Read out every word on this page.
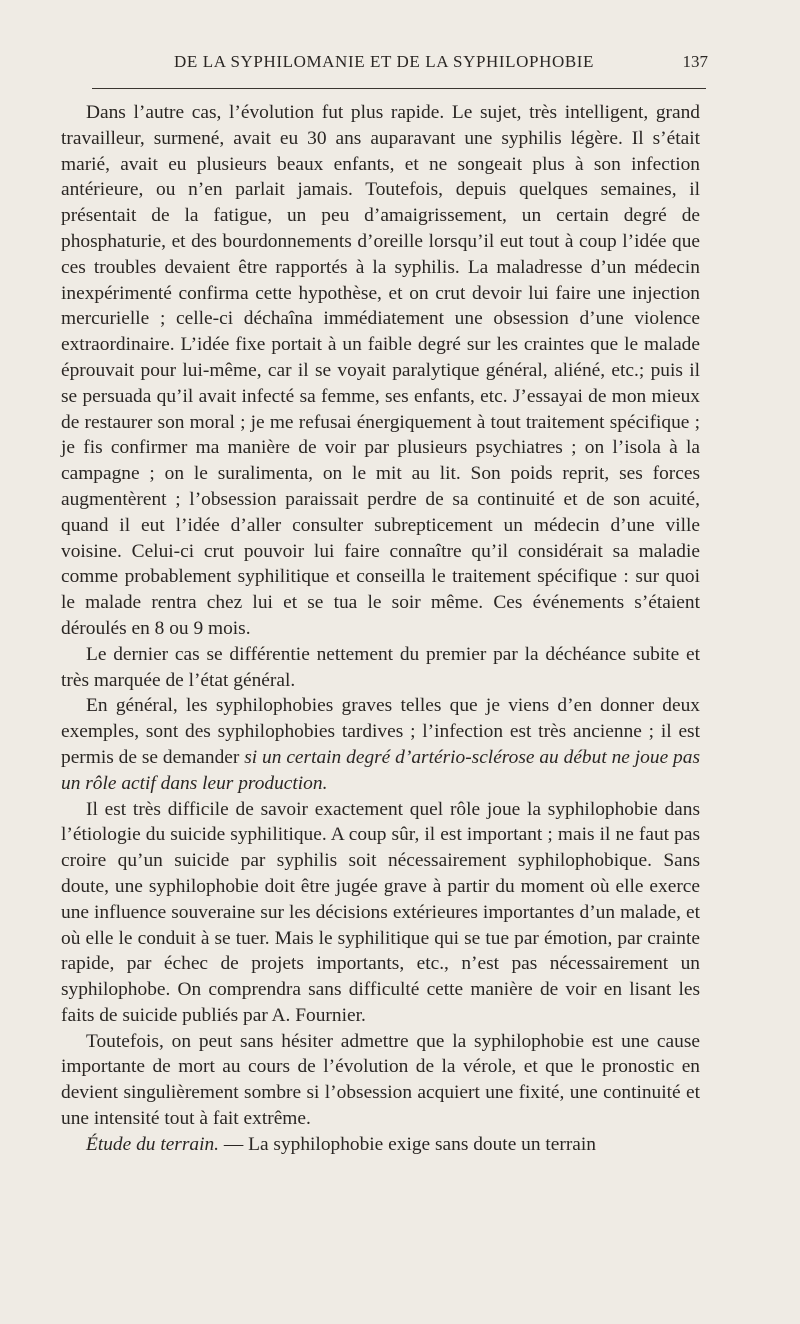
DE LA SYPHILOMANIE ET DE LA SYPHILOPHOBIE	137

Dans l’autre cas, l’évolution fut plus rapide. Le sujet, très intelligent, grand travailleur, surmené, avait eu 30 ans auparavant une syphilis légère. Il s’était marié, avait eu plusieurs beaux enfants, et ne songeait plus à son infection antérieure, ou n’en parlait jamais. Toutefois, depuis quelques semaines, il présentait de la fatigue, un peu d’amaigrissement, un certain degré de phosphaturie, et des bourdonnements d’oreille lorsqu’il eut tout à coup l’idée que ces troubles devaient être rapportés à la syphilis. La maladresse d’un médecin inexpérimenté confirma cette hypothèse, et on crut devoir lui faire une injection mercurielle ; celle-ci déchaîna immédiatement une obsession d’une violence extraordinaire. L’idée fixe portait à un faible degré sur les craintes que le malade éprouvait pour lui-même, car il se voyait paralytique général, aliéné, etc.; puis il se persuada qu’il avait infecté sa femme, ses enfants, etc. J’essayai de mon mieux de restaurer son moral ; je me refusai énergiquement à tout traitement spécifique ; je fis confirmer ma manière de voir par plusieurs psychiatres ; on l’isola à la campagne ; on le suralimenta, on le mit au lit. Son poids reprit, ses forces augmentèrent ; l’obsession paraissait perdre de sa continuité et de son acuité, quand il eut l’idée d’aller consulter subrepticement un médecin d’une ville voisine. Celui-ci crut pouvoir lui faire connaître qu’il considérait sa maladie comme probablement syphilitique et conseilla le traitement spécifique : sur quoi le malade rentra chez lui et se tua le soir même. Ces événements s’étaient déroulés en 8 ou 9 mois.

Le dernier cas se différentie nettement du premier par la déchéance subite et très marquée de l’état général.

En général, les syphilophobies graves telles que je viens d’en donner deux exemples, sont des syphilophobies tardives ; l’infection est très ancienne ; il est permis de se demander si un certain degré d’artério-sclérose au début ne joue pas un rôle actif dans leur production.

Il est très difficile de savoir exactement quel rôle joue la syphilophobie dans l’étiologie du suicide syphilitique. A coup sûr, il est important ; mais il ne faut pas croire qu’un suicide par syphilis soit nécessairement syphilophobique. Sans doute, une syphilophobie doit être jugée grave à partir du moment où elle exerce une influence souveraine sur les décisions extérieures importantes d’un malade, et où elle le conduit à se tuer. Mais le syphilitique qui se tue par émotion, par crainte rapide, par échec de projets importants, etc., n’est pas nécessairement un syphilophobe. On comprendra sans difficulté cette manière de voir en lisant les faits de suicide publiés par A. Fournier.

Toutefois, on peut sans hésiter admettre que la syphilophobie est une cause importante de mort au cours de l’évolution de la vérole, et que le pronostic en devient singulièrement sombre si l’obsession acquiert une fixité, une continuité et une intensité tout à fait extrême.

Étude du terrain. — La syphilophobie exige sans doute un terrain
